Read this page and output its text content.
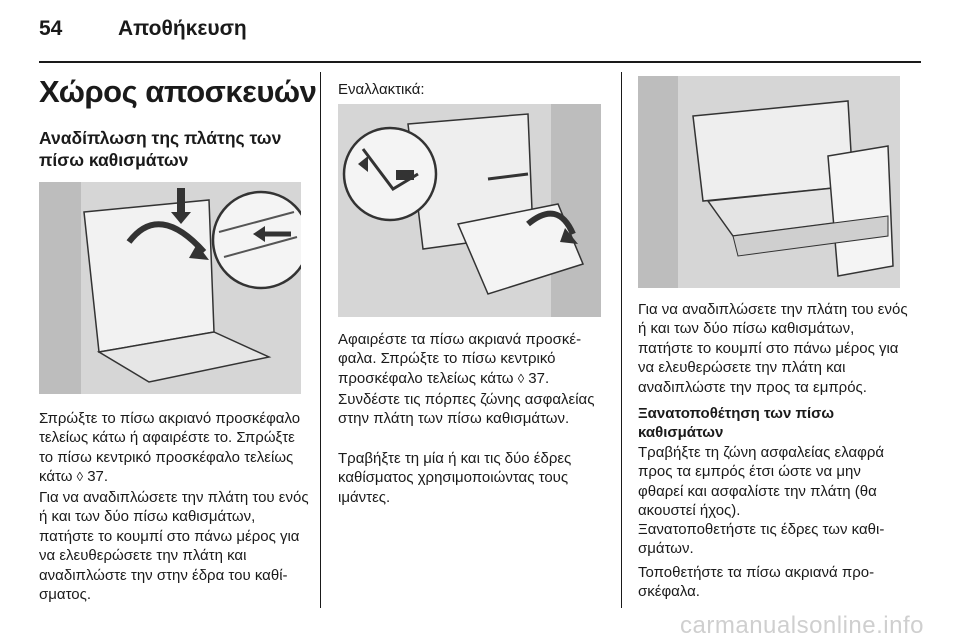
54	Αποθήκευση
Χώρος αποσκευών
Αναδίπλωση της πλάτης των πίσω καθισμάτων

Σπρώξτε το πίσω ακριανό προσκέφαλο τελείως κάτω ή αφαιρέστε το. Σπρώξτε το πίσω κεντρικό προσκέφαλο τελείως κάτω ◊ 37.

Για να αναδιπλώσετε την πλάτη του ενός ή και των δύο πίσω καθισμάτων, πατήστε το κουμπί στο πάνω μέρος για να ελευθερώσετε την πλάτη και αναδιπλώστε την στην έδρα του καθίσματος.

Εναλλακτικά:

Αφαιρέστε τα πίσω ακριανά προσκέφαλα. Σπρώξτε το πίσω κεντρικό προσκέφαλο τελείως κάτω ◊ 37.

Συνδέστε τις πόρπες ζώνης ασφαλείας στην πλάτη των πίσω καθισμάτων.

Τραβήξτε τη μία ή και τις δύο έδρες καθίσματος χρησιμοποιώντας τους ιμάντες.

Για να αναδιπλώσετε την πλάτη του ενός ή και των δύο πίσω καθισμάτων, πατήστε το κουμπί στο πάνω μέρος για να ελευθερώσετε την πλάτη και αναδιπλώστε την προς τα εμπρός.

Ξανατοποθέτηση των πίσω καθισμάτων

Τραβήξτε τη ζώνη ασφαλείας ελαφρά προς τα εμπρός έτσι ώστε να μην φθαρεί και ασφαλίστε την πλάτη (θα ακουστεί ήχος).

Ξανατοποθετήστε τις έδρες των καθισμάτων.

Τοποθετήστε τα πίσω ακριανά προσκέφαλα.

carmanualsonline.info
